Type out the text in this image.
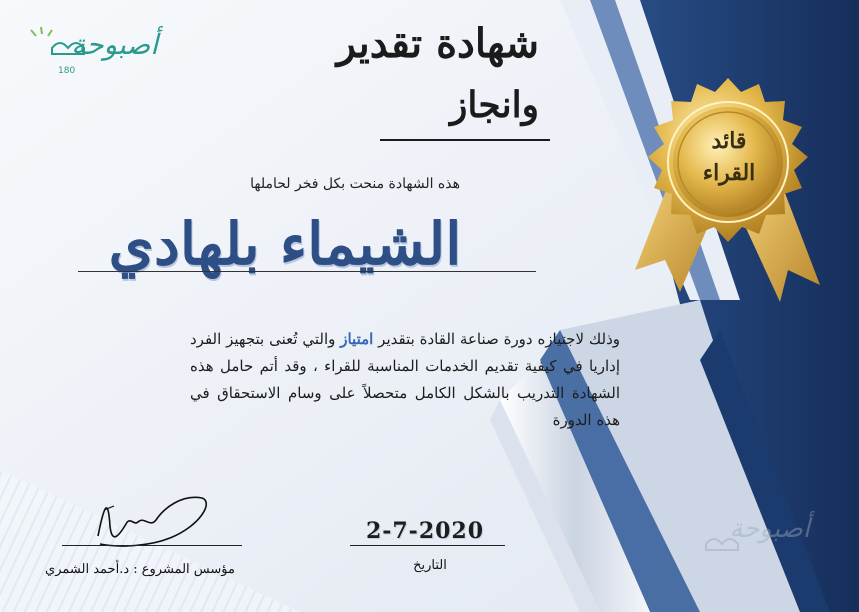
أصبوحة
180
شهادة تقدير
وانجاز
هذه الشهادة منحت بكل فخر لحاملها
الشيماء بلهادي
وذلك لاجتيازه دورة صناعة القادة بتقدير امتياز والتي تُعنى بتجهيز الفرد إداريا في كيفية تقديم الخدمات المناسبة للقراء ، وقد أتم حامل هذه الشهادة التدريب بالشكل الكامل متحصلاً على وسام الاستحقاق في هذه الدورة
قائد
القراء
مؤسس المشروع : د.أحمد الشمري
2-7-2020
التاريخ
أصبوحة
